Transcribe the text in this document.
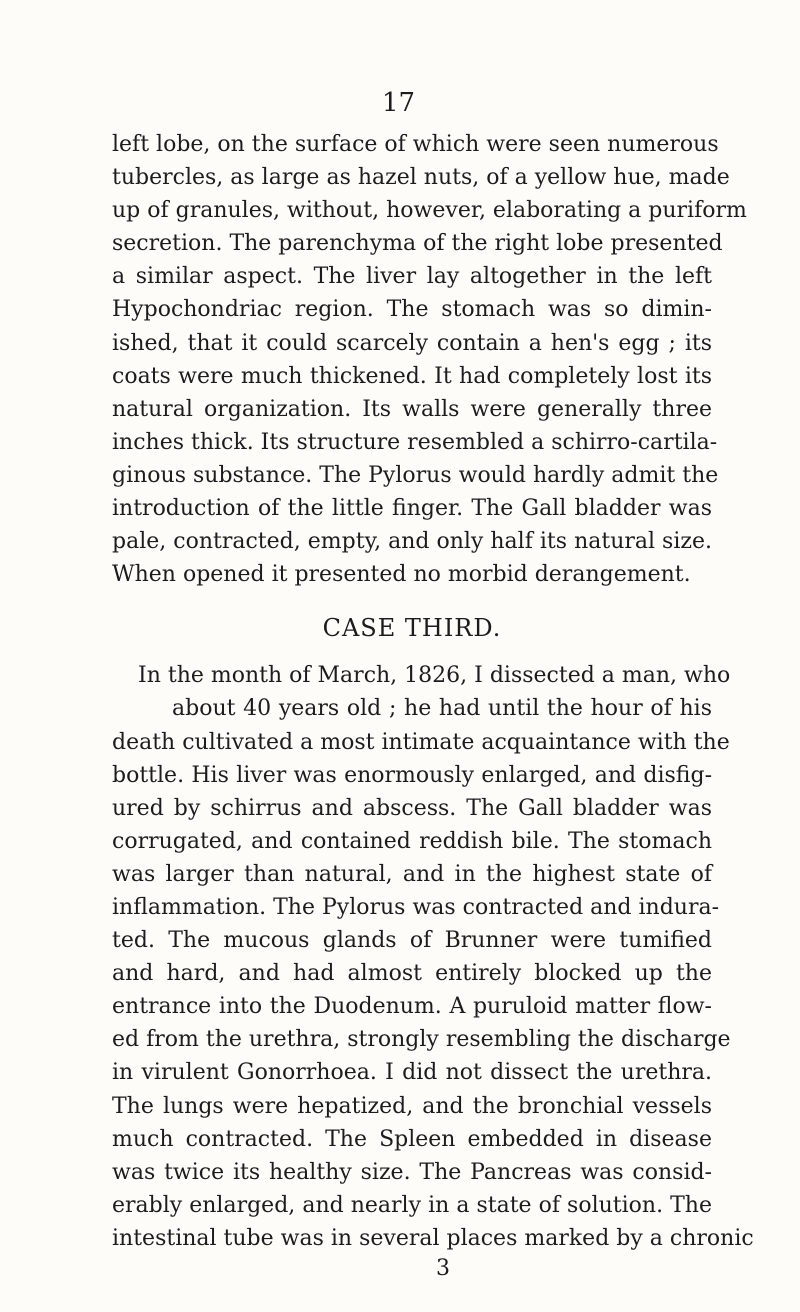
17
left lobe, on the surface of which were seen numerous
tubercles, as large as hazel nuts, of a yellow hue, made
up of granules, without, however, elaborating a puriform
secretion. The parenchyma of the right lobe presented
a similar aspect. The liver lay altogether in the left
Hypochondriac region. The stomach was so dimin-
ished, that it could scarcely contain a hen's egg ; its
coats were much thickened. It had completely lost its
natural organization. Its walls were generally three
inches thick. Its structure resembled a schirro-cartila-
ginous substance. The Pylorus would hardly admit the
introduction of the little finger. The Gall bladder was
pale, contracted, empty, and only half its natural size.
When opened it presented no morbid derangement.
CASE THIRD.
In the month of March, 1826, I dissected a man, who
about 40 years old ; he had until the hour of his
death cultivated a most intimate acquaintance with the
bottle. His liver was enormously enlarged, and disfig-
ured by schirrus and abscess. The Gall bladder was
corrugated, and contained reddish bile. The stomach
was larger than natural, and in the highest state of
inflammation. The Pylorus was contracted and indura-
ted. The mucous glands of Brunner were tumified
and hard, and had almost entirely blocked up the
entrance into the Duodenum. A puruloid matter flow-
ed from the urethra, strongly resembling the discharge
in virulent Gonorrhoea. I did not dissect the urethra.
The lungs were hepatized, and the bronchial vessels
much contracted. The Spleen embedded in disease
was twice its healthy size. The Pancreas was consid-
erably enlarged, and nearly in a state of solution. The
intestinal tube was in several places marked by a chronic
3
